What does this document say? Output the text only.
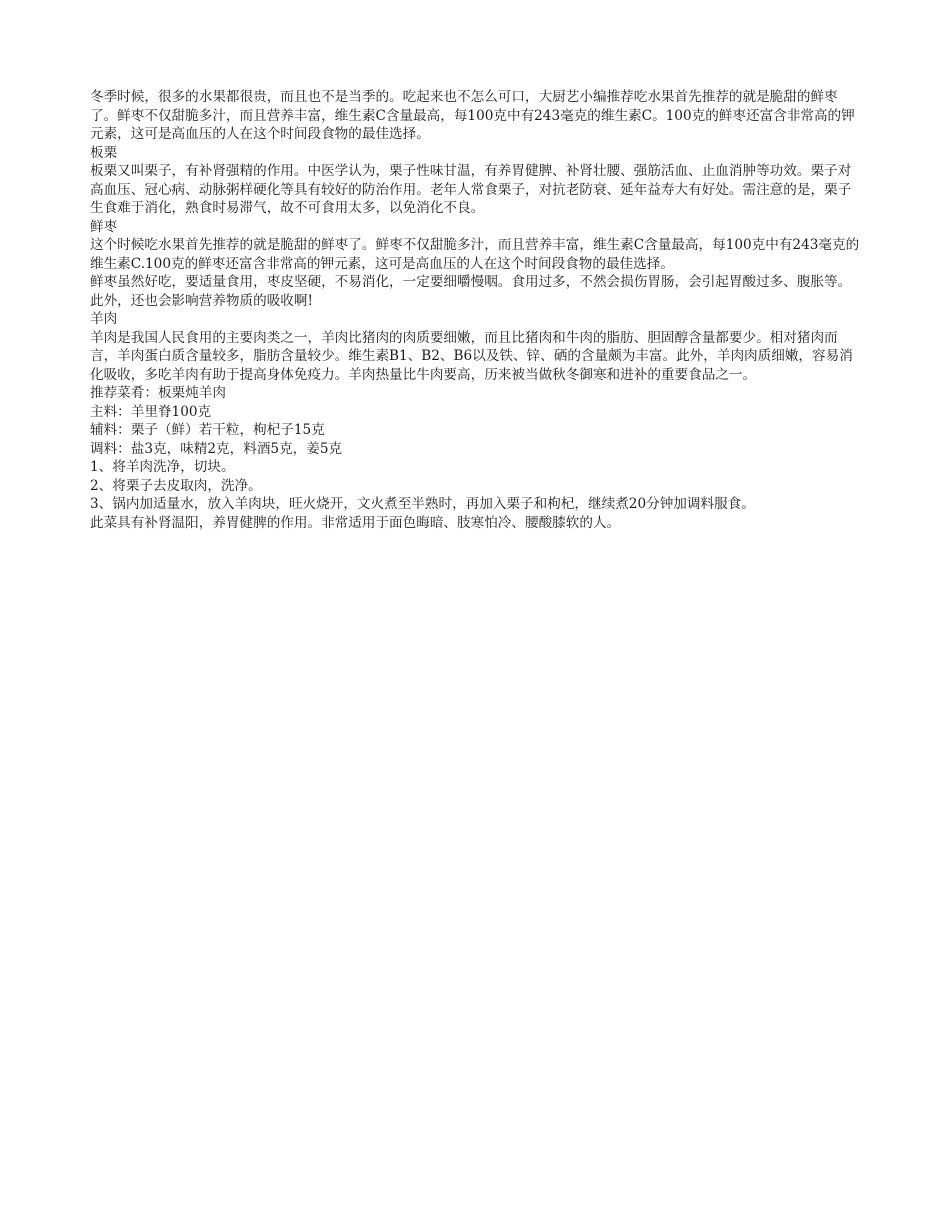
冬季时候，很多的水果都很贵，而且也不是当季的。吃起来也不怎么可口，大厨艺小编推荐吃水果首先推荐的就是脆甜的鲜枣了。鲜枣不仅甜脆多汁，而且营养丰富，维生素C含量最高，每100克中有243毫克的维生素C。100克的鲜枣还富含非常高的钾元素，这可是高血压的人在这个时间段食物的最佳选择。

板栗

板栗又叫栗子，有补肾强精的作用。中医学认为，栗子性味甘温，有养胃健脾、补肾壮腰、强筋活血、止血消肿等功效。栗子对高血压、冠心病、动脉粥样硬化等具有较好的防治作用。老年人常食栗子，对抗老防衰、延年益寿大有好处。需注意的是，栗子生食难于消化，熟食时易滞气，故不可食用太多，以免消化不良。

鲜枣

这个时候吃水果首先推荐的就是脆甜的鲜枣了。鲜枣不仅甜脆多汁，而且营养丰富，维生素C含量最高，每100克中有243毫克的维生素C.100克的鲜枣还富含非常高的钾元素，这可是高血压的人在这个时间段食物的最佳选择。

鲜枣虽然好吃，要适量食用，枣皮坚硬，不易消化，一定要细嚼慢咽。食用过多，不然会损伤胃肠，会引起胃酸过多、腹胀等。此外，还也会影响营养物质的吸收啊!

羊肉

羊肉是我国人民食用的主要肉类之一，羊肉比猪肉的肉质要细嫩，而且比猪肉和牛肉的脂肪、胆固醇含量都要少。相对猪肉而言，羊肉蛋白质含量较多，脂肪含量较少。维生素B1、B2、B6以及铁、锌、硒的含量颇为丰富。此外，羊肉肉质细嫩，容易消化吸收，多吃羊肉有助于提高身体免疫力。羊肉热量比牛肉要高，历来被当做秋冬御寒和进补的重要食品之一。

推荐菜肴：板栗炖羊肉

主料：羊里脊100克

辅料：栗子（鲜）若干粒，枸杞子15克

调料：盐3克，味精2克，料酒5克，姜5克

1、将羊肉洗净，切块。

2、将栗子去皮取肉，洗净。

3、锅内加适量水，放入羊肉块，旺火烧开，文火煮至半熟时，再加入栗子和枸杞，继续煮20分钟加调料服食。

此菜具有补肾温阳，养胃健脾的作用。非常适用于面色晦暗、肢寒怕冷、腰酸膝软的人。
